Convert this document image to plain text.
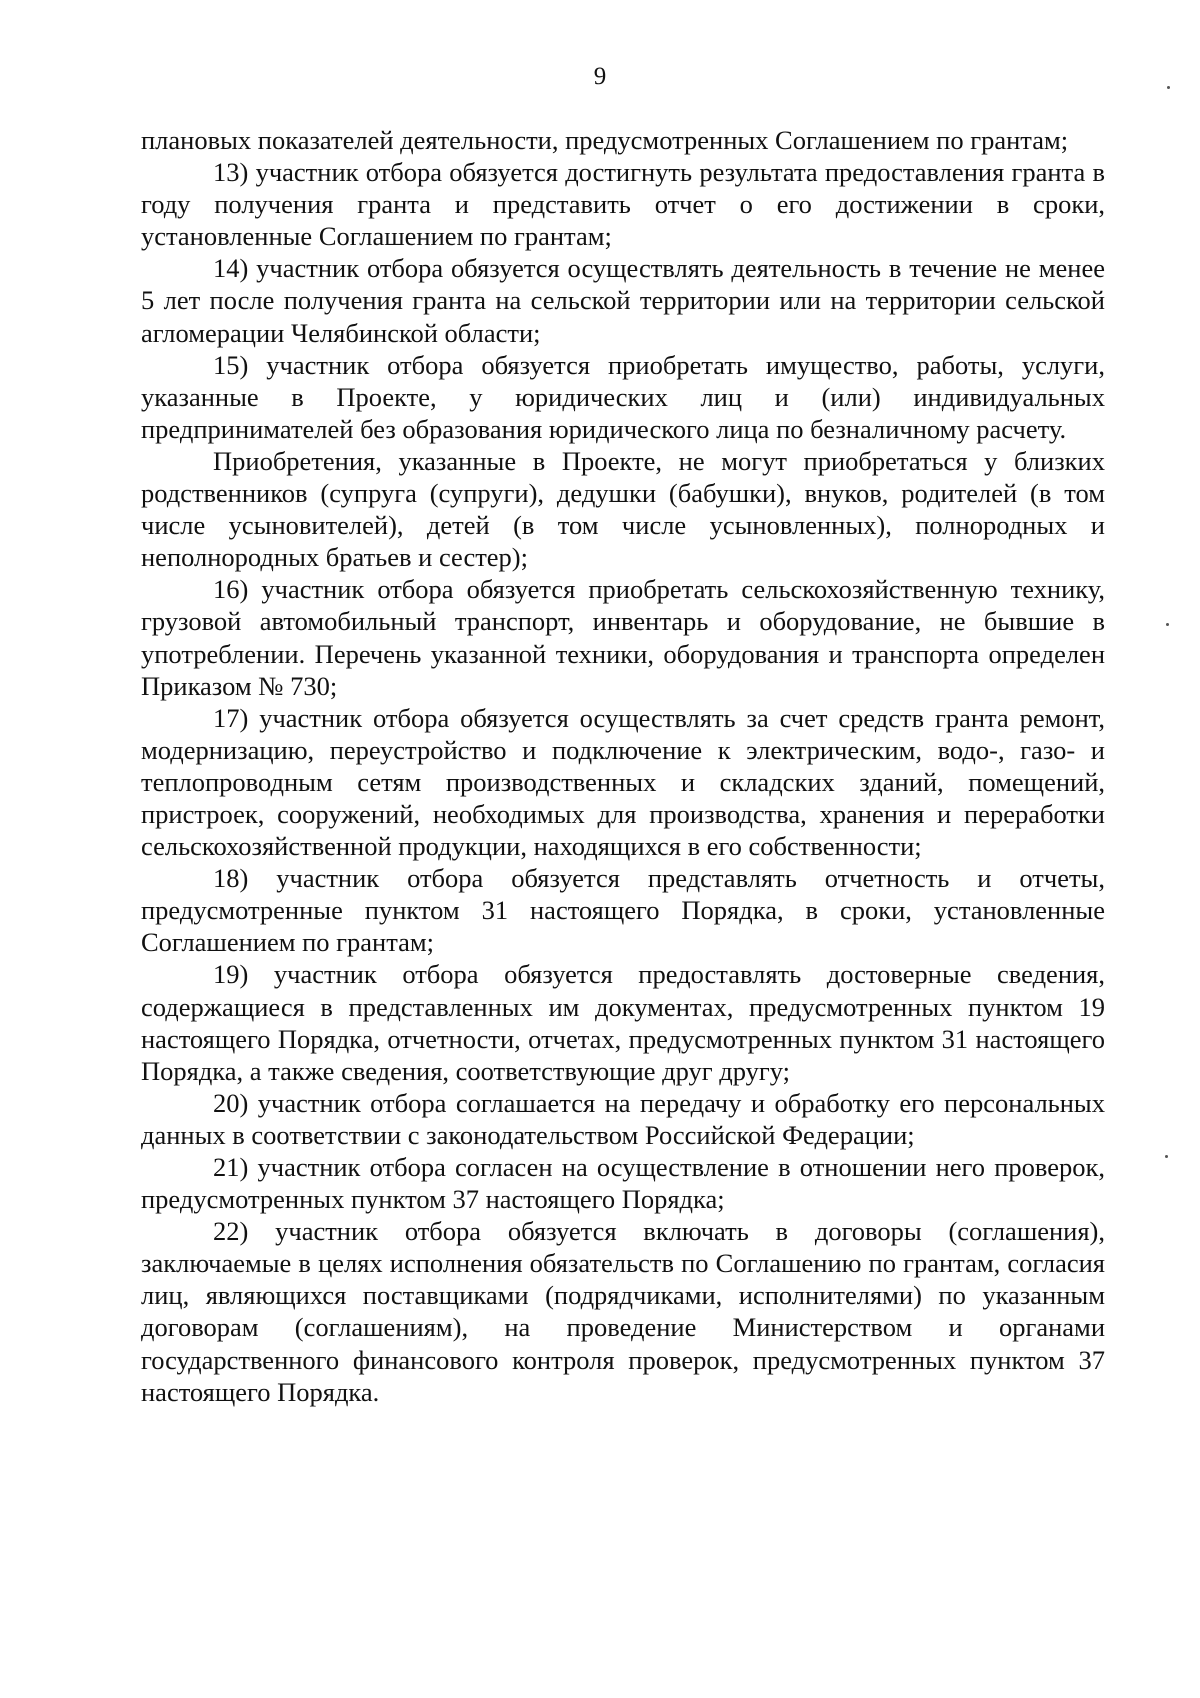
9

плановых показателей деятельности, предусмотренных Соглашением по грантам;

13) участник отбора обязуется достигнуть результата предоставления гранта в году получения гранта и представить отчет о его достижении в сроки, установленные Соглашением по грантам;

14) участник отбора обязуется осуществлять деятельность в течение не менее 5 лет после получения гранта на сельской территории или на территории сельской агломерации Челябинской области;

15) участник отбора обязуется приобретать имущество, работы, услуги, указанные в Проекте, у юридических лиц и (или) индивидуальных предпринимателей без образования юридического лица по безналичному расчету.

Приобретения, указанные в Проекте, не могут приобретаться у близких родственников (супруга (супруги), дедушки (бабушки), внуков, родителей (в том числе усыновителей), детей (в том числе усыновленных), полнородных и неполнородных братьев и сестер);

16) участник отбора обязуется приобретать сельскохозяйственную технику, грузовой автомобильный транспорт, инвентарь и оборудование, не бывшие в употреблении. Перечень указанной техники, оборудования и транспорта определен Приказом № 730;

17) участник отбора обязуется осуществлять за счет средств гранта ремонт, модернизацию, переустройство и подключение к электрическим, водо-, газо- и теплопроводным сетям производственных и складских зданий, помещений, пристроек, сооружений, необходимых для производства, хранения и переработки сельскохозяйственной продукции, находящихся в его собственности;

18) участник отбора обязуется представлять отчетность и отчеты, предусмотренные пунктом 31 настоящего Порядка, в сроки, установленные Соглашением по грантам;

19) участник отбора обязуется предоставлять достоверные сведения, содержащиеся в представленных им документах, предусмотренных пунктом 19 настоящего Порядка, отчетности, отчетах, предусмотренных пунктом 31 настоящего Порядка, а также сведения, соответствующие друг другу;

20) участник отбора соглашается на передачу и обработку его персональных данных в соответствии с законодательством Российской Федерации;

21) участник отбора согласен на осуществление в отношении него проверок, предусмотренных пунктом 37 настоящего Порядка;

22) участник отбора обязуется включать в договоры (соглашения), заключаемые в целях исполнения обязательств по Соглашению по грантам, согласия лиц, являющихся поставщиками (подрядчиками, исполнителями) по указанным договорам (соглашениям), на проведение Министерством и органами государственного финансового контроля проверок, предусмотренных пунктом 37 настоящего Порядка.
